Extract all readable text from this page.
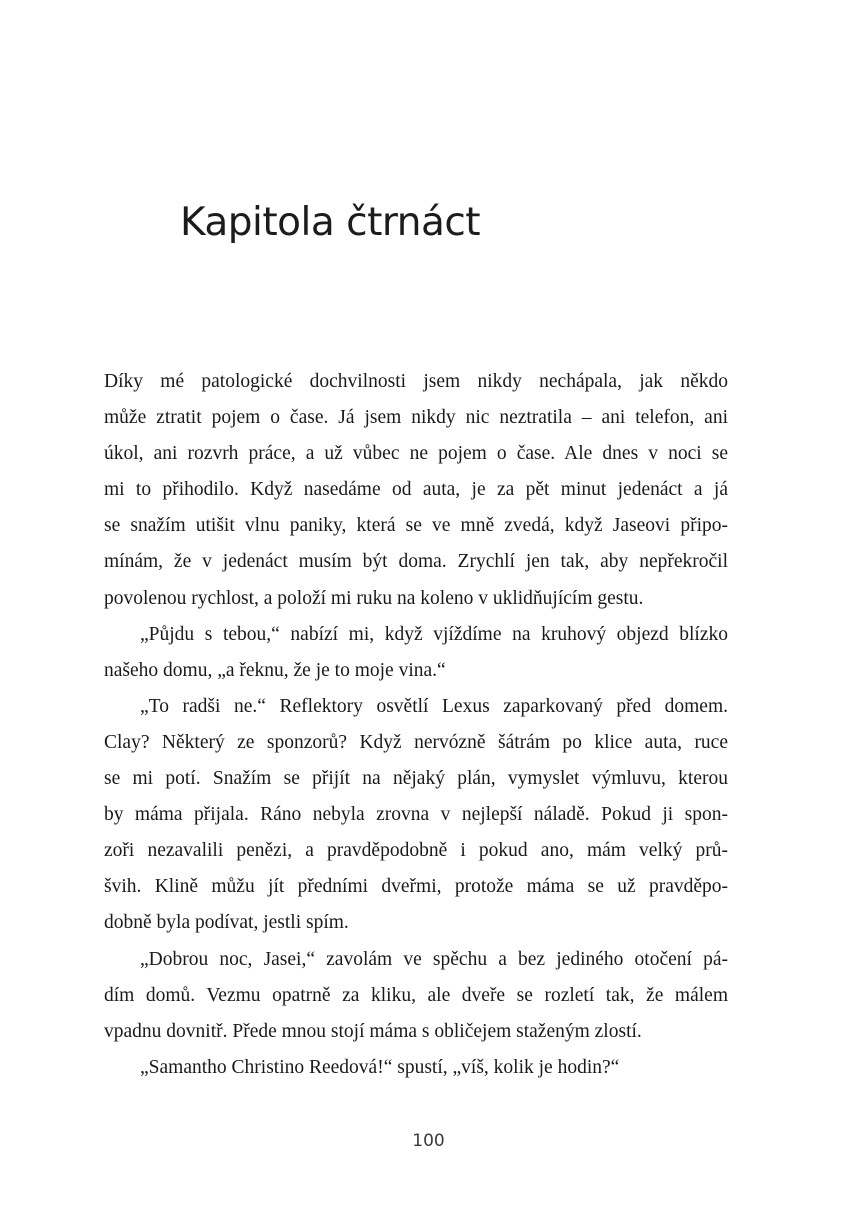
Kapitola čtrnáct
Díky mé patologické dochvilnosti jsem nikdy nechápala, jak někdo
může ztratit pojem o čase. Já jsem nikdy nic neztratila – ani telefon, ani
úkol, ani rozvrh práce, a už vůbec ne pojem o čase. Ale dnes v noci se
mi to přihodilo. Když nasedáme od auta, je za pět minut jedenáct a já
se snažím utišit vlnu paniky, která se ve mně zvedá, když Jaseovi připo-
mínám, že v jedenáct musím být doma. Zrychlí jen tak, aby nepřekročil
povolenou rychlost, a položí mi ruku na koleno v uklidňujícím gestu.
„Půjdu s tebou,“ nabízí mi, když vjíždíme na kruhový objezd blízko
našeho domu, „a řeknu, že je to moje vina.“
„To radši ne.“ Reflektory osvětlí Lexus zaparkovaný před domem.
Clay? Některý ze sponzorů? Když nervózně šátrám po klice auta, ruce
se mi potí. Snažím se přijít na nějaký plán, vymyslet výmluvu, kterou
by máma přijala. Ráno nebyla zrovna v nejlepší náladě. Pokud ji spon-
zoři nezavalili penězi, a pravděpodobně i pokud ano, mám velký prů-
švih. Klině můžu jít předními dveřmi, protože máma se už pravděpo-
dobně byla podívat, jestli spím.
„Dobrou noc, Jasei,“ zavolám ve spěchu a bez jediného otočení pá-
dím domů. Vezmu opatrně za kliku, ale dveře se rozletí tak, že málem
vpadnu dovnitř. Přede mnou stojí máma s obličejem staženým zlostí.
„Samantho Christino Reedová!“ spustí, „víš, kolik je hodin?“
100
